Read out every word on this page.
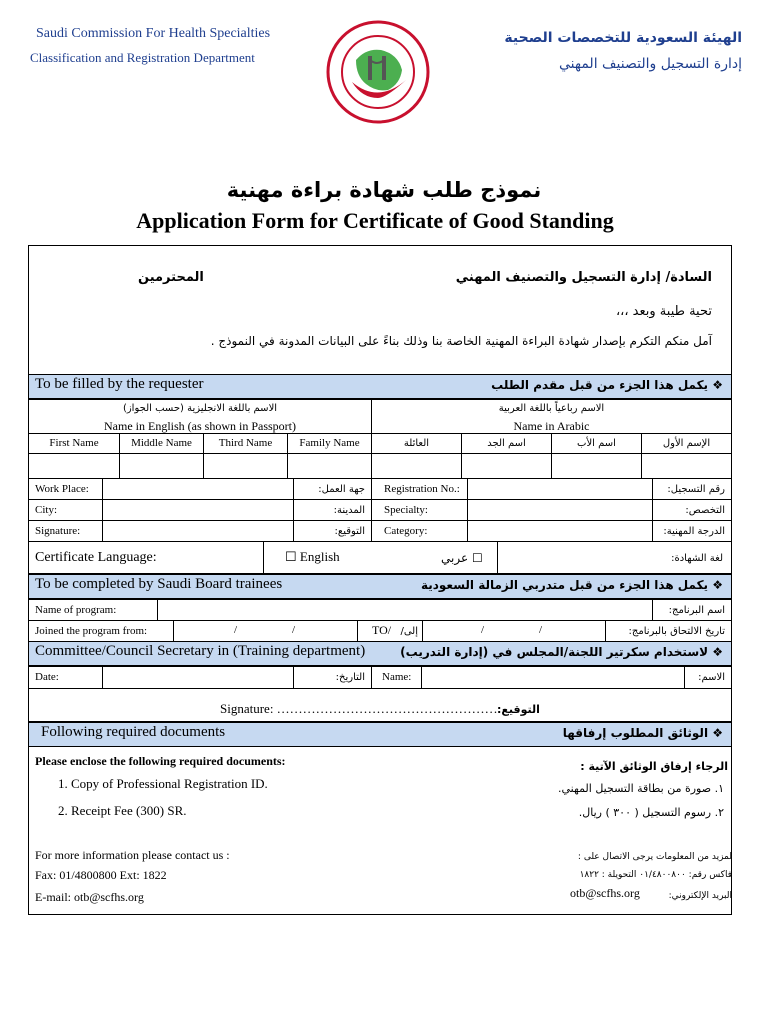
Saudi Commission For Health Specialties
Classification and Registration Department
الهيئة السعودية للتخصصات الصحية
إدارة التسجيل والتصنيف المهني
نموذج طلب شهادة براءة مهنية
Application Form for Certificate of Good Standing
السادة/ إدارة التسجيل والتصنيف المهني
المحترمين
تحية طيبة وبعد ،،،
آمل منكم التكرم بإصدار شهادة البراءة المهنية الخاصة بنا وذلك بناءً على البيانات المدونة في النموذج .
To be filled by the requester	❖ يكمل هذا الجزء من قبل مقدم الطلب
الاسم باللغة الانجليزية (حسب الجواز)
Name in English (as shown in Passport)
الاسم رباعياً باللغة العربية
Name in Arabic
First Name	Middle Name	Third Name	Family Name	العائلة	اسم الجد	اسم الأب	الإسم الأول
Work Place:	جهة العمل: Registration No.:	رقم التسجيل:
City:	المدينة: Specialty:	التخصص:
Signature:	التوقيع: Category:	الدرجة المهنية:
Certificate Language:	☐ English	☐ عربي	لغة الشهادة:
To be completed by Saudi Board trainees	❖ يكمل هذا الجزء من قبل متدربي الزمالة السعودية
Name of program:	اسم البرنامج:
Joined the program from:	/	/	TO/ إلى/	/	/	تاريخ الالتحاق بالبرنامج:
Committee/Council Secretary in (Training department)	❖ لاستخدام سكرتير اللجنة/المجلس في (إدارة التدريب)
Date:	التاريخ: Name:	الاسم:
Signature: …………………………………………… التوقيع:
Following required documents	❖ الوثائق المطلوب إرفاقها
Please enclose the following required documents:	الرجاء إرفاق الوثائق الآتية :
1. Copy of Professional Registration ID.
2. Receipt Fee (300) SR.
١. صورة من بطاقة التسجيل المهني.
٢. رسوم التسجيل ( ٣٠٠ ) ريال.
For more information please contact us :
Fax: 01/4800800 Ext: 1822
E-mail: otb@scfhs.org
لمزيد من المعلومات يرجى الاتصال على :
فاكس رقم: ٠١/٤٨٠٠٨٠٠ التحويلة : ١٨٢٢
otb@scfhs.org	البريد الإلكتروني:
